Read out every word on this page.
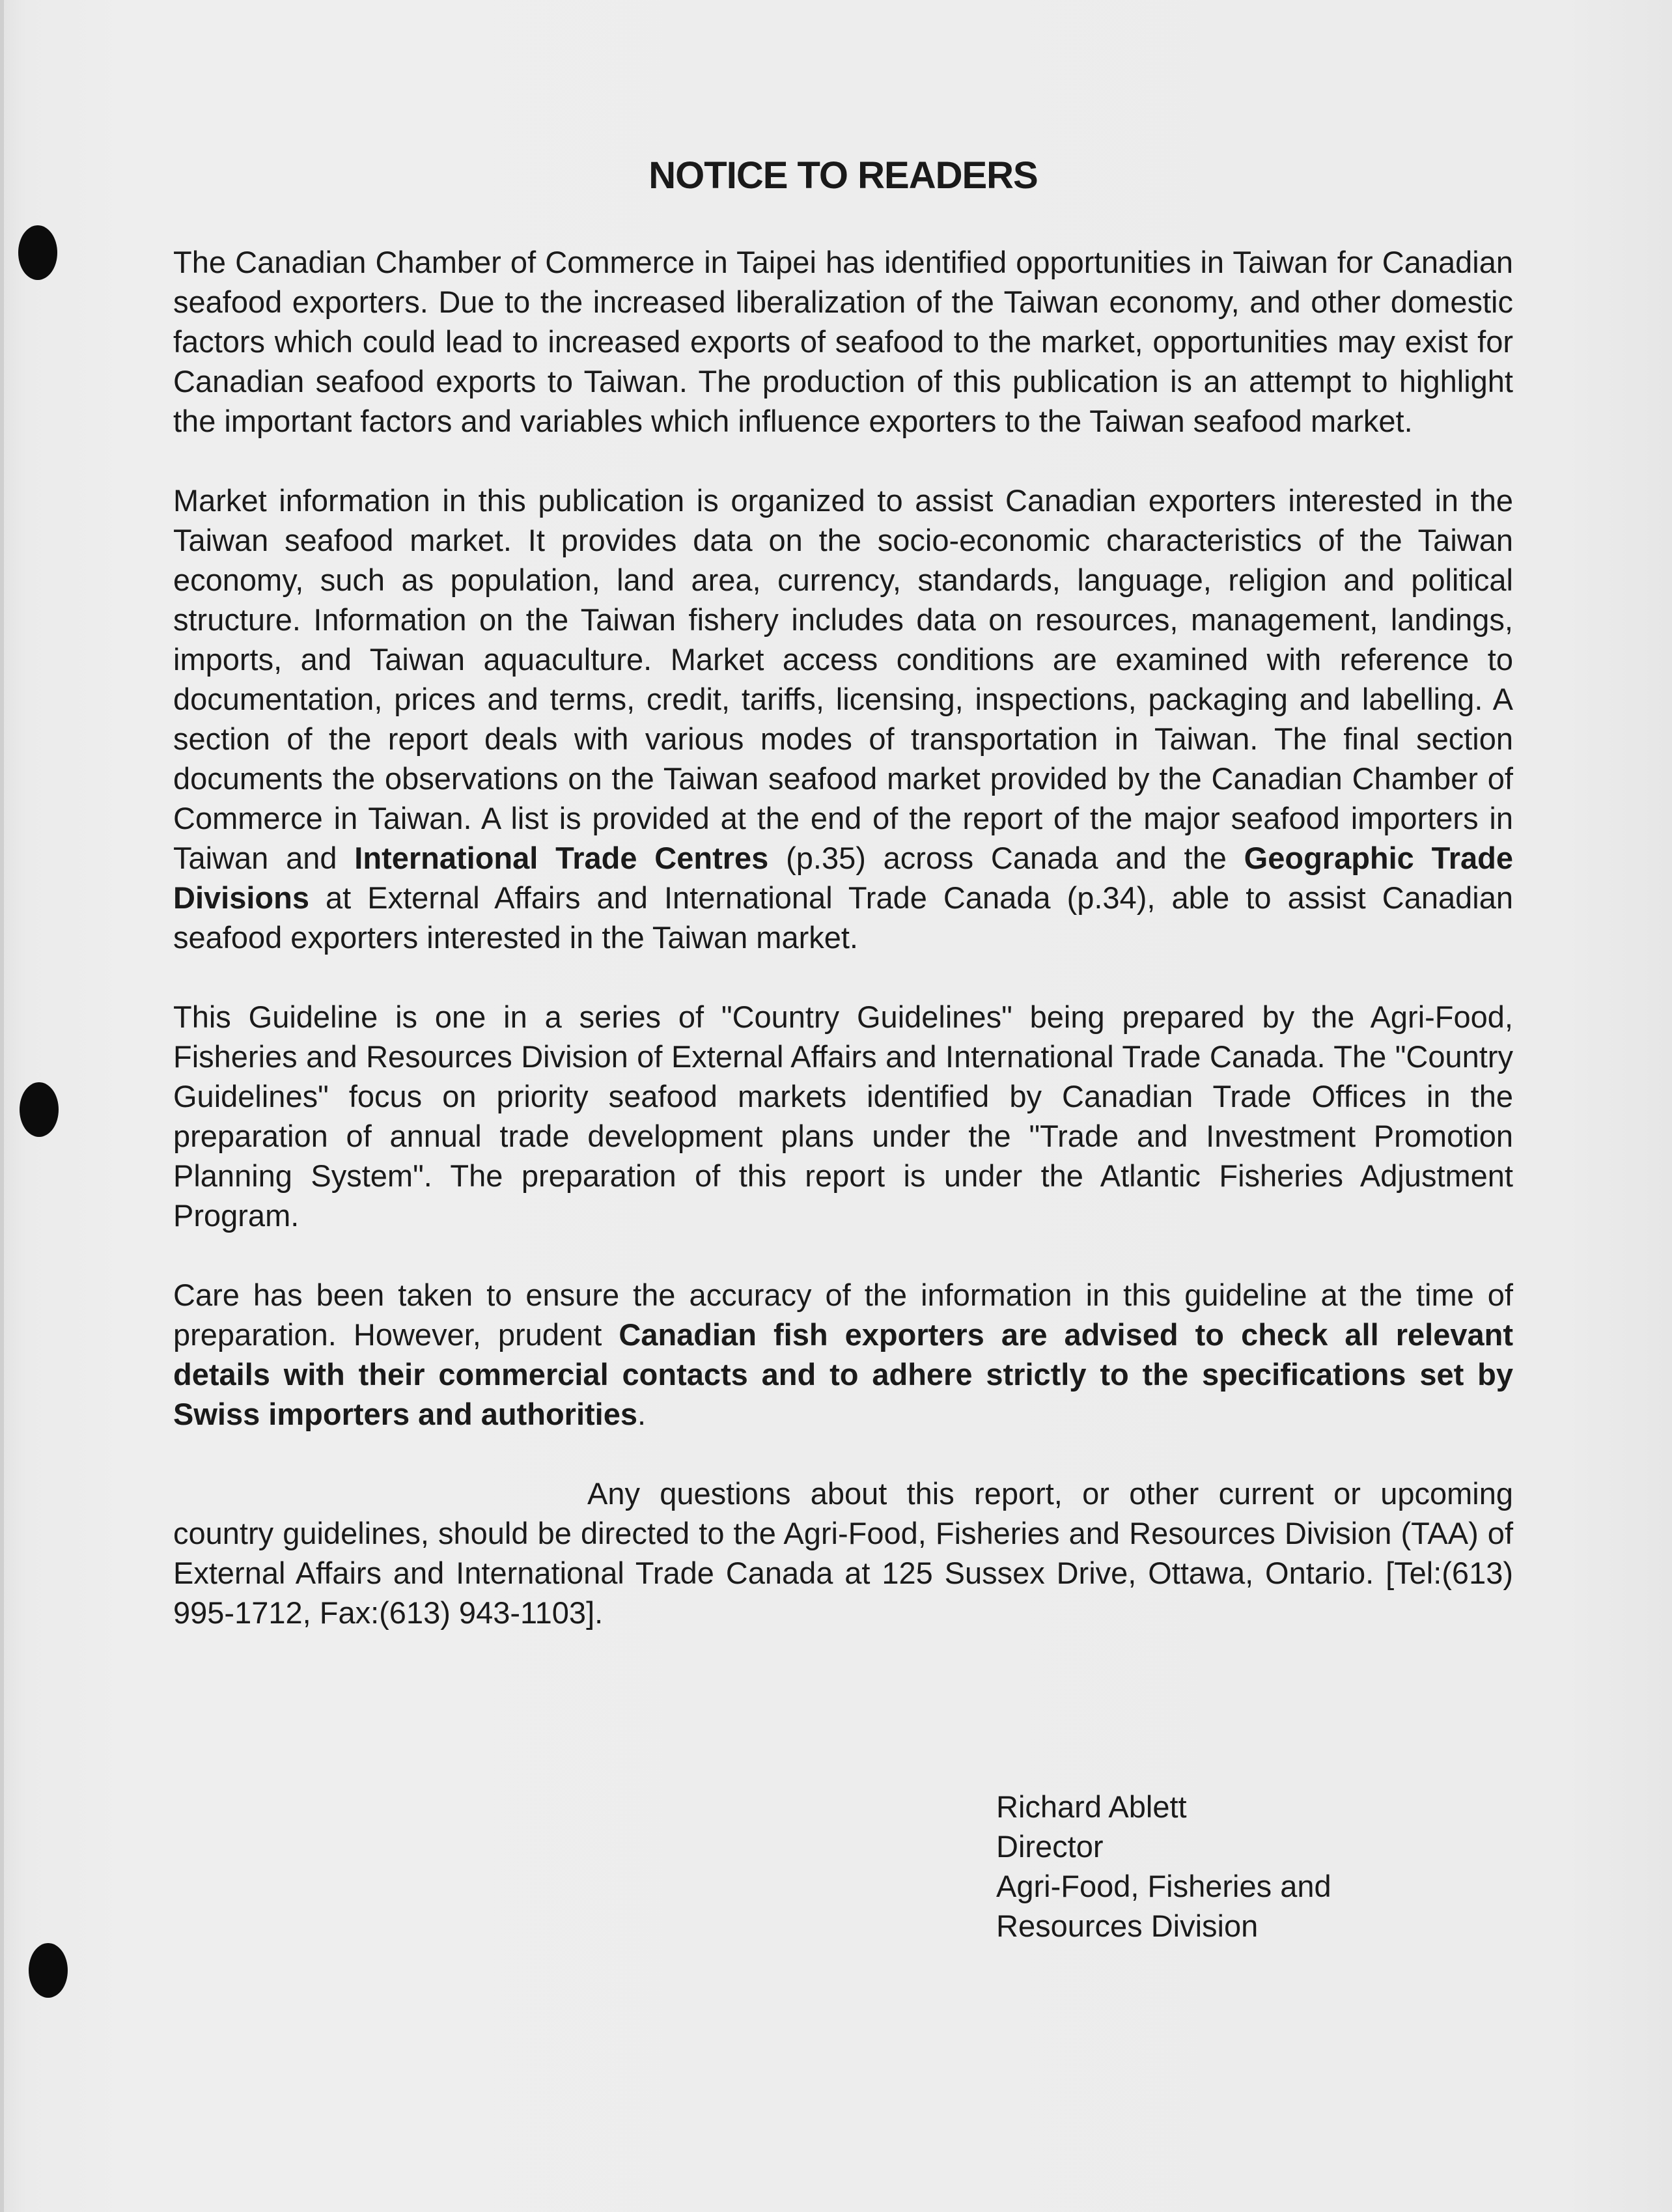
NOTICE TO READERS

The Canadian Chamber of Commerce in Taipei has identified opportunities in Taiwan for Canadian seafood exporters. Due to the increased liberalization of the Taiwan economy, and other domestic factors which could lead to increased exports of seafood to the market, opportunities may exist for Canadian seafood exports to Taiwan. The production of this publication is an attempt to highlight the important factors and variables which influence exporters to the Taiwan seafood market.

Market information in this publication is organized to assist Canadian exporters interested in the Taiwan seafood market. It provides data on the socio-economic characteristics of the Taiwan economy, such as population, land area, currency, standards, language, religion and political structure. Information on the Taiwan fishery includes data on resources, management, landings, imports, and Taiwan aquaculture. Market access conditions are examined with reference to documentation, prices and terms, credit, tariffs, licensing, inspections, packaging and labelling. A section of the report deals with various modes of transportation in Taiwan. The final section documents the observations on the Taiwan seafood market provided by the Canadian Chamber of Commerce in Taiwan. A list is provided at the end of the report of the major seafood importers in Taiwan and International Trade Centres (p.35) across Canada and the Geographic Trade Divisions at External Affairs and International Trade Canada (p.34), able to assist Canadian seafood exporters interested in the Taiwan market.

This Guideline is one in a series of "Country Guidelines" being prepared by the Agri-Food, Fisheries and Resources Division of External Affairs and International Trade Canada. The "Country Guidelines" focus on priority seafood markets identified by Canadian Trade Offices in the preparation of annual trade development plans under the "Trade and Investment Promotion Planning System". The preparation of this report is under the Atlantic Fisheries Adjustment Program.

Care has been taken to ensure the accuracy of the information in this guideline at the time of preparation. However, prudent Canadian fish exporters are advised to check all relevant details with their commercial contacts and to adhere strictly to the specifications set by Swiss importers and authorities.

Any questions about this report, or other current or upcoming country guidelines, should be directed to the Agri-Food, Fisheries and Resources Division (TAA) of External Affairs and International Trade Canada at 125 Sussex Drive, Ottawa, Ontario. [Tel:(613) 995-1712, Fax:(613) 943-1103].

Richard Ablett
Director
Agri-Food, Fisheries and
Resources Division
